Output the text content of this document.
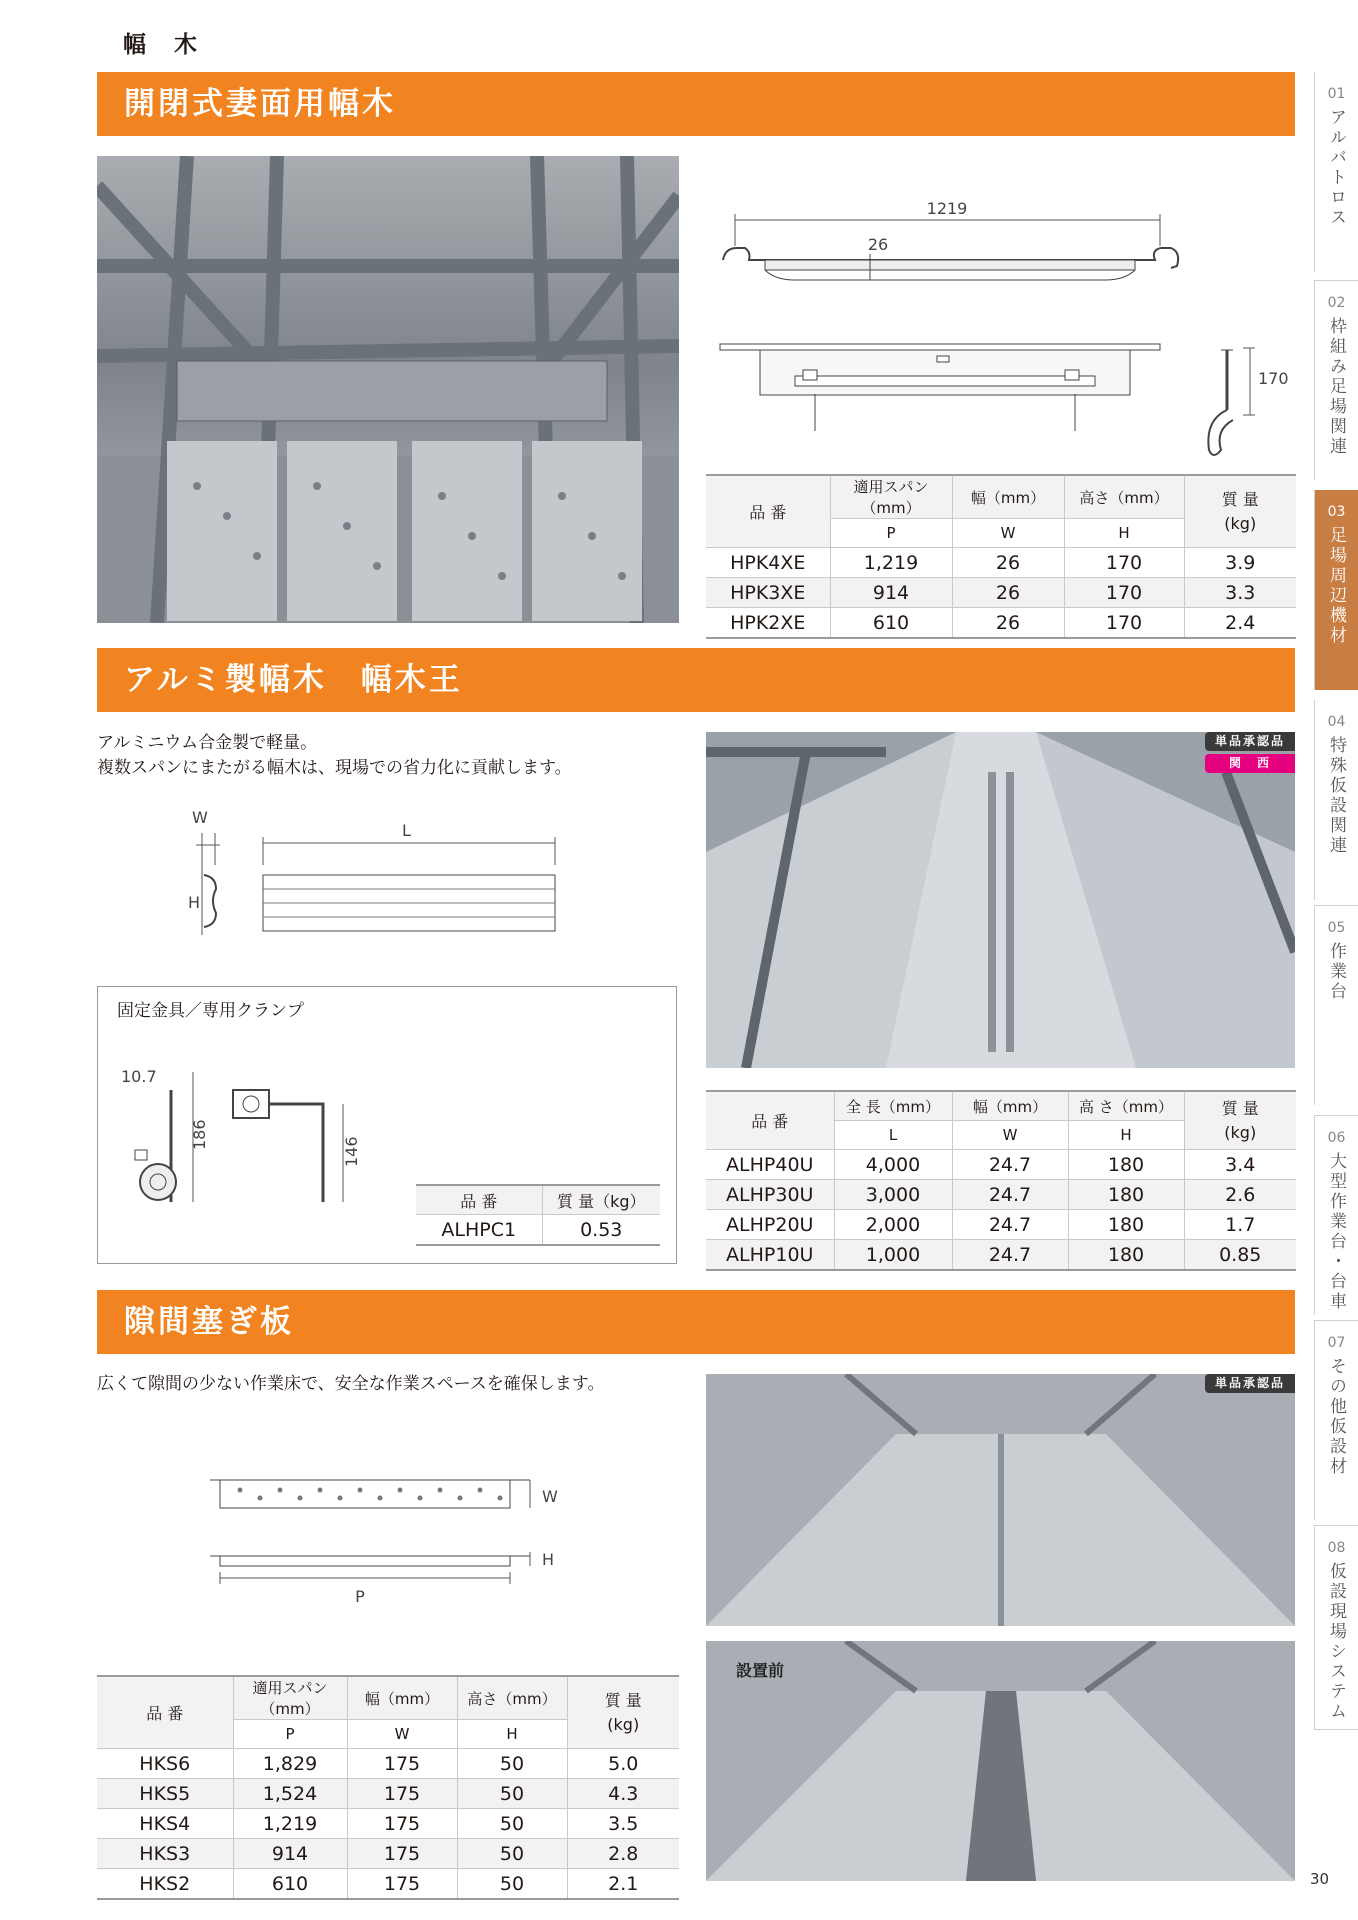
幅 木
開閉式妻面用幅木
1219
26
170
品 番	適用スパン（mm）	幅（mm）	高さ（mm）	質 量
(kg)
	P	W	H	
HPK4XE	1,219	26	170	3.9
HPK3XE	914	26	170	3.3
HPK2XE	610	26	170	2.4
アルミ製幅木　幅木王
アルミニウム合金製で軽量。
複数スパンにまたがる幅木は、現場での省力化に貢献します。
W
L
H
固定金具／専用クランプ
10.7
186
146
品 番	質 量（kg）
ALHPC1	0.53
単品承認品
関　西
品 番	全 長（mm）	幅（mm）	高 さ（mm）	質 量
(kg)
	L	W	H	
ALHP40U	4,000	24.7	180	3.4
ALHP30U	3,000	24.7	180	2.6
ALHP20U	2,000	24.7	180	1.7
ALHP10U	1,000	24.7	180	0.85
隙間塞ぎ板
広くて隙間の少ない作業床で、安全な作業スペースを確保します。
W
H
P
単品承認品
設置前
品 番	適用スパン（mm）	幅（mm）	高さ（mm）	質 量
(kg)
	P	W	H	
HKS6	1,829	175	50	5.0
HKS5	1,524	175	50	4.3
HKS4	1,219	175	50	3.5
HKS3	914	175	50	2.8
HKS2	610	175	50	2.1
01
アルバトロス
02
枠組み足場関連
03
足場周辺機材
04
特殊仮設関連
05
作業台
06
大型作業台・台車
07
その他仮設材
08
仮設現場システム
30
